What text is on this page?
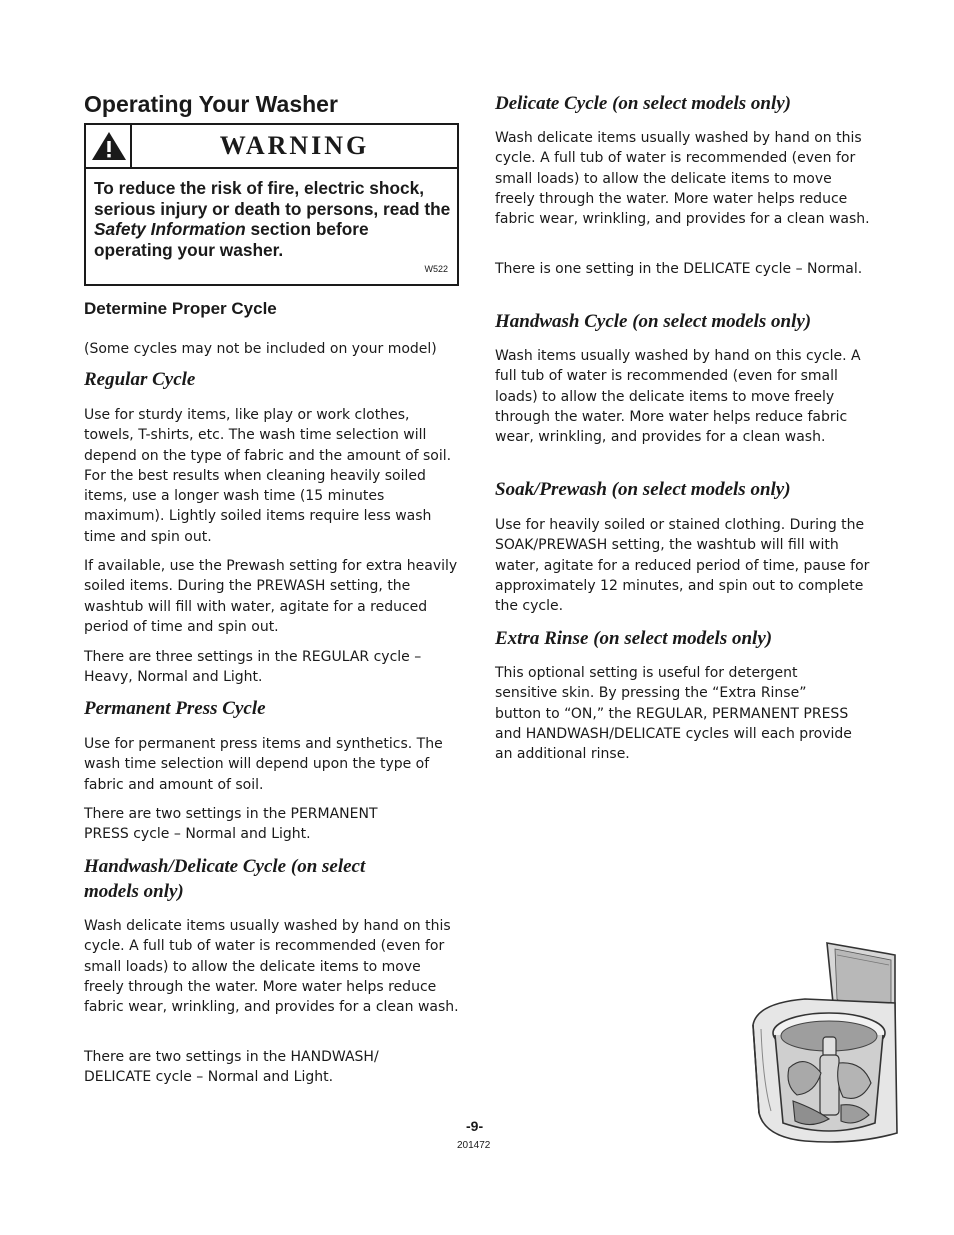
Operating Your Washer
WARNING

To reduce the risk of fire, electric shock, serious injury or death to persons, read the Safety Information section before operating your washer.

W522
Determine Proper Cycle

(Some cycles may not be included on your model)

Regular Cycle

Use for sturdy items, like play or work clothes, towels, T-shirts, etc. The wash time selection will depend on the type of fabric and the amount of soil. For the best results when cleaning heavily soiled items, use a longer wash time (15 minutes maximum). Lightly soiled items require less wash time and spin out.

If available, use the Prewash setting for extra heavily soiled items. During the PREWASH setting, the washtub will fill with water, agitate for a reduced period of time and spin out.

There are three settings in the REGULAR cycle – Heavy, Normal and Light.

Permanent Press Cycle

Use for permanent press items and synthetics. The wash time selection will depend upon the type of fabric and amount of soil.

There are two settings in the PERMANENT PRESS cycle – Normal and Light.

Handwash/Delicate Cycle (on select models only)

Wash delicate items usually washed by hand on this cycle. A full tub of water is recommended (even for small loads) to allow the delicate items to move freely through the water. More water helps reduce fabric wear, wrinkling, and provides for a clean wash.

There are two settings in the HANDWASH/ DELICATE cycle – Normal and Light.

Delicate Cycle (on select models only)

Wash delicate items usually washed by hand on this cycle. A full tub of water is recommended (even for small loads) to allow the delicate items to move freely through the water. More water helps reduce fabric wear, wrinkling, and provides for a clean wash.

There is one setting in the DELICATE cycle – Normal.

Handwash Cycle (on select models only)

Wash items usually washed by hand on this cycle. A full tub of water is recommended (even for small loads) to allow the delicate items to move freely through the water. More water helps reduce fabric wear, wrinkling, and provides for a clean wash.

Soak/Prewash (on select models only)

Use for heavily soiled or stained clothing. During the SOAK/PREWASH setting, the washtub will fill with water, agitate for a reduced period of time, pause for approximately 12 minutes, and spin out to complete the cycle.

Extra Rinse (on select models only)

This optional setting is useful for detergent sensitive skin. By pressing the “Extra Rinse” button to “ON,” the REGULAR, PERMANENT PRESS and HANDWASH/DELICATE cycles will each provide an additional rinse.

-9-
201472
